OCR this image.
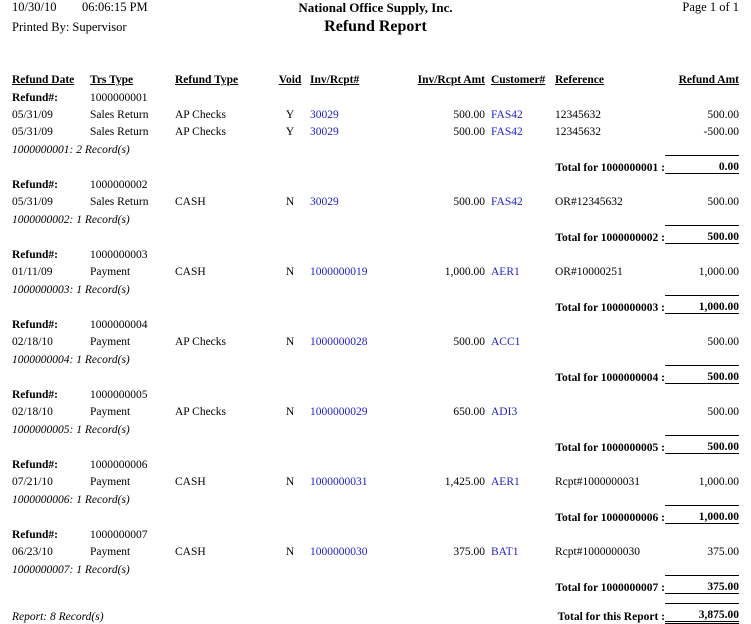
10/30/10 06:06:15 PM	National Office Supply, Inc.	Page 1 of 1
Printed By: Supervisor	Refund Report
Refund Date	Trs Type	Refund Type	Void	Inv/Rcpt#	Inv/Rcpt Amt	Customer#	Reference	Refund Amt
Refund#:	1000000001							
05/31/09	Sales Return	AP Checks	Y	30029	500.00	FAS42	12345632	500.00
05/31/09	Sales Return	AP Checks	Y	30029	500.00	FAS42	12345632	-500.00
1000000001: 2 Record(s)								
					Total for 1000000001 :			0.00
Refund#:	1000000002							
05/31/09	Sales Return	CASH	N	30029	500.00	FAS42	OR#12345632	500.00
1000000002: 1 Record(s)								
					Total for 1000000002 :			500.00
Refund#:	1000000003							
01/11/09	Payment	CASH	N	1000000019	1,000.00	AER1	OR#10000251	1,000.00
1000000003: 1 Record(s)								
					Total for 1000000003 :			1,000.00
Refund#:	1000000004							
02/18/10	Payment	AP Checks	N	1000000028	500.00	ACC1		500.00
1000000004: 1 Record(s)								
					Total for 1000000004 :			500.00
Refund#:	1000000005							
02/18/10	Payment	AP Checks	N	1000000029	650.00	ADI3		500.00
1000000005: 1 Record(s)								
					Total for 1000000005 :			500.00
Refund#:	1000000006							
07/21/10	Payment	CASH	N	1000000031	1,425.00	AER1	Rcpt#1000000031	1,000.00
1000000006: 1 Record(s)								
					Total for 1000000006 :			1,000.00
Refund#:	1000000007							
06/23/10	Payment	CASH	N	1000000030	375.00	BAT1	Rcpt#1000000030	375.00
1000000007: 1 Record(s)								
					Total for 1000000007 :			375.00

Report: 8 Record(s)					Total for this Report :			3,875.00
